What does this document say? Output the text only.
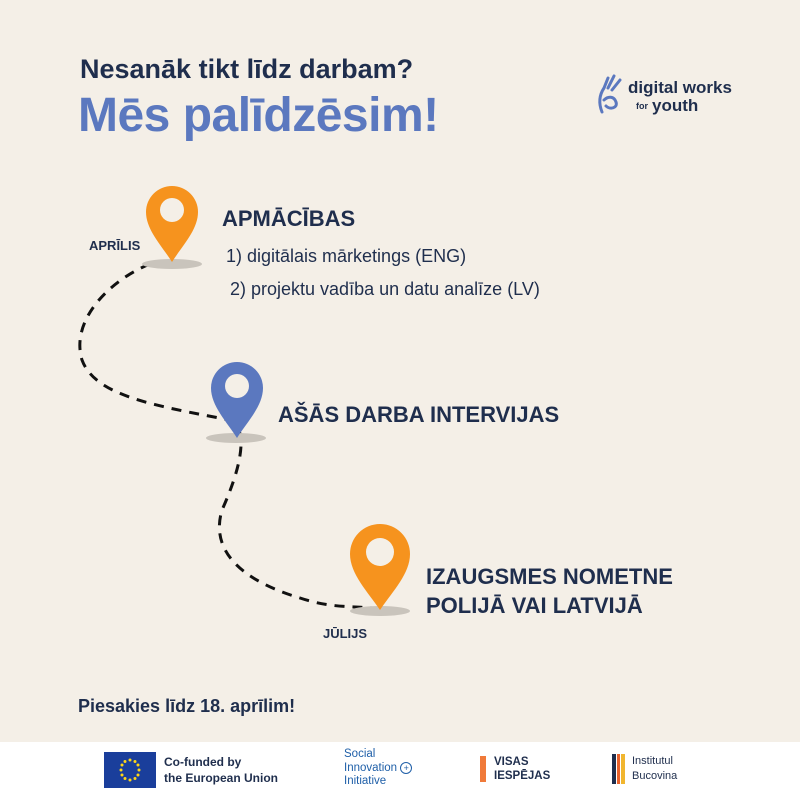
Nesanāk tikt līdz darbam?
Mēs palīdzēsim!
digital works
for youth
APRĪLIS
APMĀCĪBAS
1) digitālais mārketings (ENG)
2) projektu vadība un datu analīze (LV)
AŠĀS DARBA INTERVIJAS
IZAUGSMES NOMETNE
POLIJĀ VAI LATVIJĀ
JŪLIJS
Piesakies līdz 18. aprīlim!
Co-funded by
the European Union
Social
Innovation +
Initiative
VISAS
IESPĒJAS
Institutul
Bucovina
